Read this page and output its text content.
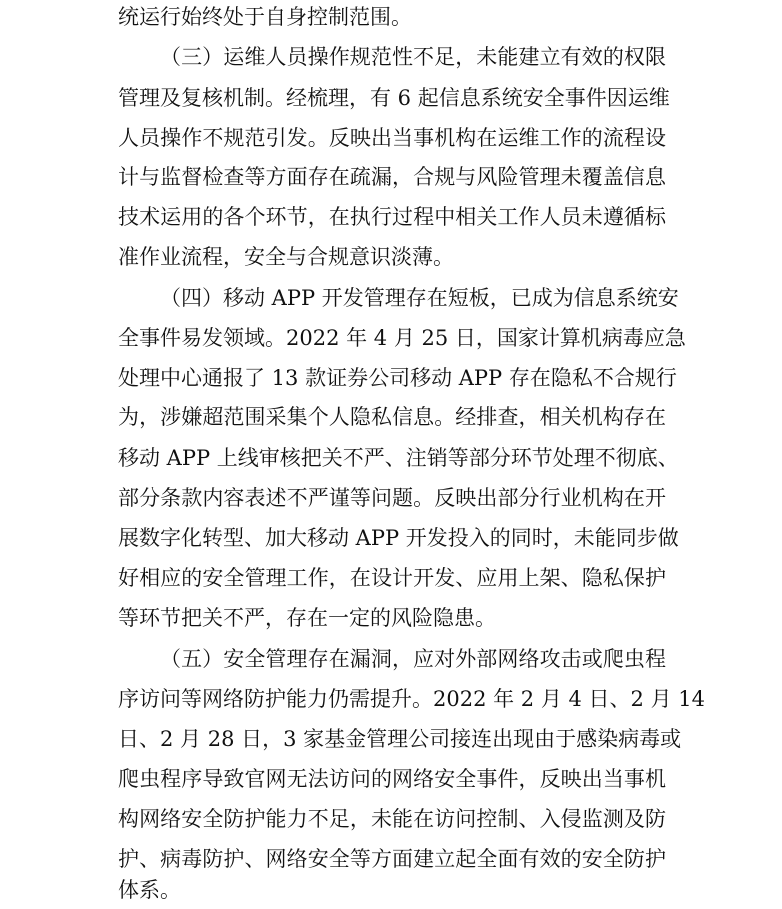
统运行始终处于自身控制范围。
（三）运维人员操作规范性不足，未能建立有效的权限
管理及复核机制。经梳理，有 6 起信息系统安全事件因运维
人员操作不规范引发。反映出当事机构在运维工作的流程设
计与监督检查等方面存在疏漏，合规与风险管理未覆盖信息
技术运用的各个环节，在执行过程中相关工作人员未遵循标
准作业流程，安全与合规意识淡薄。
（四）移动 APP 开发管理存在短板，已成为信息系统安
全事件易发领域。2022 年 4 月 25 日，国家计算机病毒应急
处理中心通报了 13 款证券公司移动 APP 存在隐私不合规行
为，涉嫌超范围采集个人隐私信息。经排查，相关机构存在
移动 APP 上线审核把关不严、注销等部分环节处理不彻底、
部分条款内容表述不严谨等问题。反映出部分行业机构在开
展数字化转型、加大移动 APP 开发投入的同时，未能同步做
好相应的安全管理工作，在设计开发、应用上架、隐私保护
等环节把关不严，存在一定的风险隐患。
（五）安全管理存在漏洞，应对外部网络攻击或爬虫程
序访问等网络防护能力仍需提升。2022 年 2 月 4 日、2 月 14
日、2 月 28 日，3 家基金管理公司接连出现由于感染病毒或
爬虫程序导致官网无法访问的网络安全事件，反映出当事机
构网络安全防护能力不足，未能在访问控制、入侵监测及防
护、病毒防护、网络安全等方面建立起全面有效的安全防护
体系。
